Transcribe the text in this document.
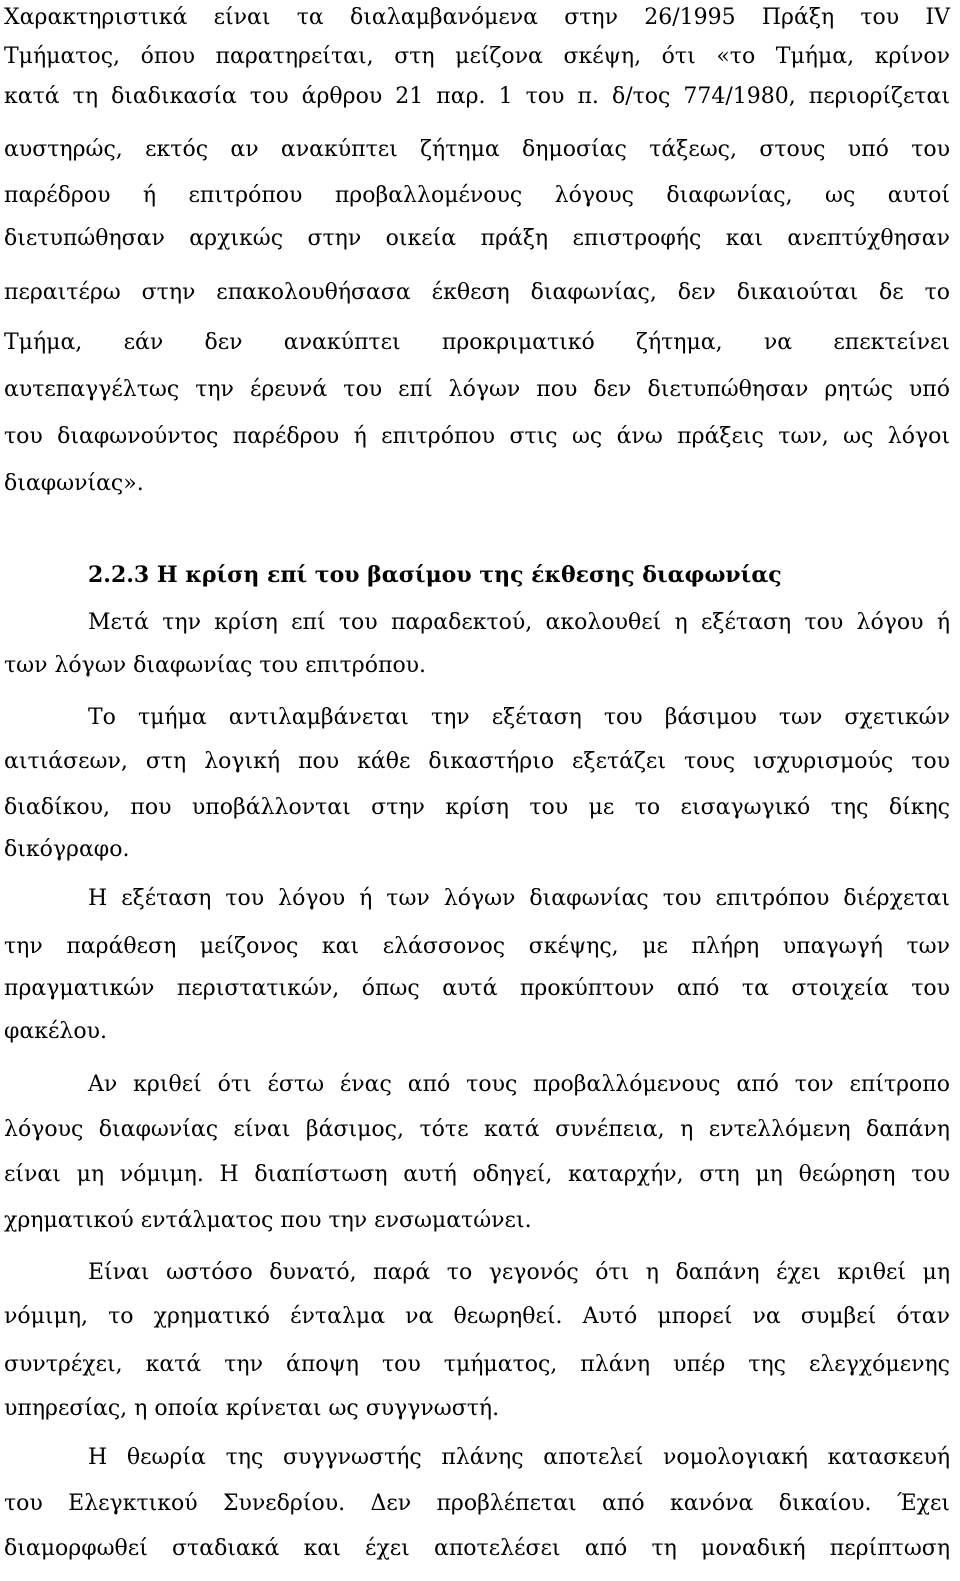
Χαρακτηριστικά είναι τα διαλαμβανόμενα στην 26/1995 Πράξη του IV
Τμήματος, όπου παρατηρείται, στη μείζονα σκέψη, ότι «το Τμήμα, κρίνον
κατά τη διαδικασία του άρθρου 21 παρ. 1 του π. δ/τος 774/1980, περιορίζεται
αυστηρώς, εκτός αν ανακύπτει ζήτημα δημοσίας τάξεως, στους υπό του
παρέδρου ή επιτρόπου προβαλλομένους λόγους διαφωνίας, ως αυτοί
διετυπώθησαν αρχικώς στην οικεία πράξη επιστροφής και ανεπτύχθησαν
περαιτέρω στην επακολουθήσασα έκθεση διαφωνίας, δεν δικαιούται δε το
Τμήμα, εάν δεν ανακύπτει προκριματικό ζήτημα, να επεκτείνει
αυτεπαγγέλτως την έρευνά του επί λόγων που δεν διετυπώθησαν ρητώς υπό
του διαφωνούντος παρέδρου ή επιτρόπου στις ως άνω πράξεις των, ως λόγοι
διαφωνίας».
2.2.3 Η κρίση επί του βασίμου της έκθεσης διαφωνίας
Μετά την κρίση επί του παραδεκτού, ακολουθεί η εξέταση του λόγου ή
των λόγων διαφωνίας του επιτρόπου.
Το τμήμα αντιλαμβάνεται την εξέταση του βάσιμου των σχετικών
αιτιάσεων, στη λογική που κάθε δικαστήριο εξετάζει τους ισχυρισμούς του
διαδίκου, που υποβάλλονται στην κρίση του με το εισαγωγικό της δίκης
δικόγραφο.
Η εξέταση του λόγου ή των λόγων διαφωνίας του επιτρόπου διέρχεται
την παράθεση μείζονος και ελάσσονος σκέψης, με πλήρη υπαγωγή των
πραγματικών περιστατικών, όπως αυτά προκύπτουν από τα στοιχεία του
φακέλου.
Αν κριθεί ότι έστω ένας από τους προβαλλόμενους από τον επίτροπο
λόγους διαφωνίας είναι βάσιμος, τότε κατά συνέπεια, η εντελλόμενη δαπάνη
είναι μη νόμιμη. Η διαπίστωση αυτή οδηγεί, καταρχήν, στη μη θεώρηση του
χρηματικού εντάλματος που την ενσωματώνει.
Είναι ωστόσο δυνατό, παρά το γεγονός ότι η δαπάνη έχει κριθεί μη
νόμιμη, το χρηματικό ένταλμα να θεωρηθεί. Αυτό μπορεί να συμβεί όταν
συντρέχει, κατά την άποψη του τμήματος, πλάνη υπέρ της ελεγχόμενης
υπηρεσίας, η οποία κρίνεται ως συγγνωστή.
Η θεωρία της συγγνωστής πλάνης αποτελεί νομολογιακή κατασκευή
του Ελεγκτικού Συνεδρίου. Δεν προβλέπεται από κανόνα δικαίου. Έχει
διαμορφωθεί σταδιακά και έχει αποτελέσει από τη μοναδική περίπτωση
